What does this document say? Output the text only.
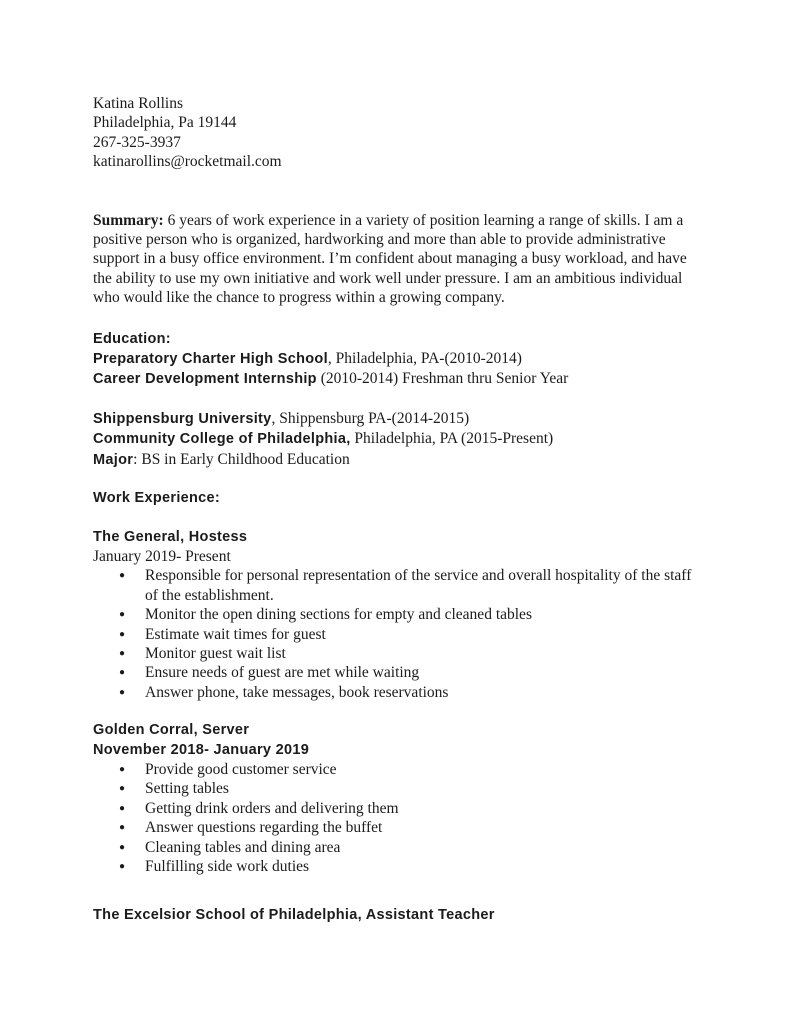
Katina Rollins

Philadelphia, Pa 19144

267-325-3937

katinarollins@rocketmail.com

Summary: 6 years of work experience in a variety of position learning a range of skills. I am a positive person who is organized, hardworking and more than able to provide administrative support in a busy office environment. I’m confident about managing a busy workload, and have the ability to use my own initiative and work well under pressure. I am an ambitious individual who would like the chance to progress within a growing company.

Education:

Preparatory Charter High School, Philadelphia, PA-(2010-2014)

Career Development Internship (2010-2014) Freshman thru Senior Year

Shippensburg University, Shippensburg PA-(2014-2015)

Community College of Philadelphia, Philadelphia, PA (2015-Present)

Major: BS in Early Childhood Education

Work Experience:

The General, Hostess

January 2019- Present

● Responsible for personal representation of the service and overall hospitality of the staff of the establishment.
● Monitor the open dining sections for empty and cleaned tables
● Estimate wait times for guest
● Monitor guest wait list
● Ensure needs of guest are met while waiting
● Answer phone, take messages, book reservations

Golden Corral, Server

November 2018- January 2019

● Provide good customer service
● Setting tables
● Getting drink orders and delivering them
● Answer questions regarding the buffet
● Cleaning tables and dining area
● Fulfilling side work duties

The Excelsior School of Philadelphia, Assistant Teacher
